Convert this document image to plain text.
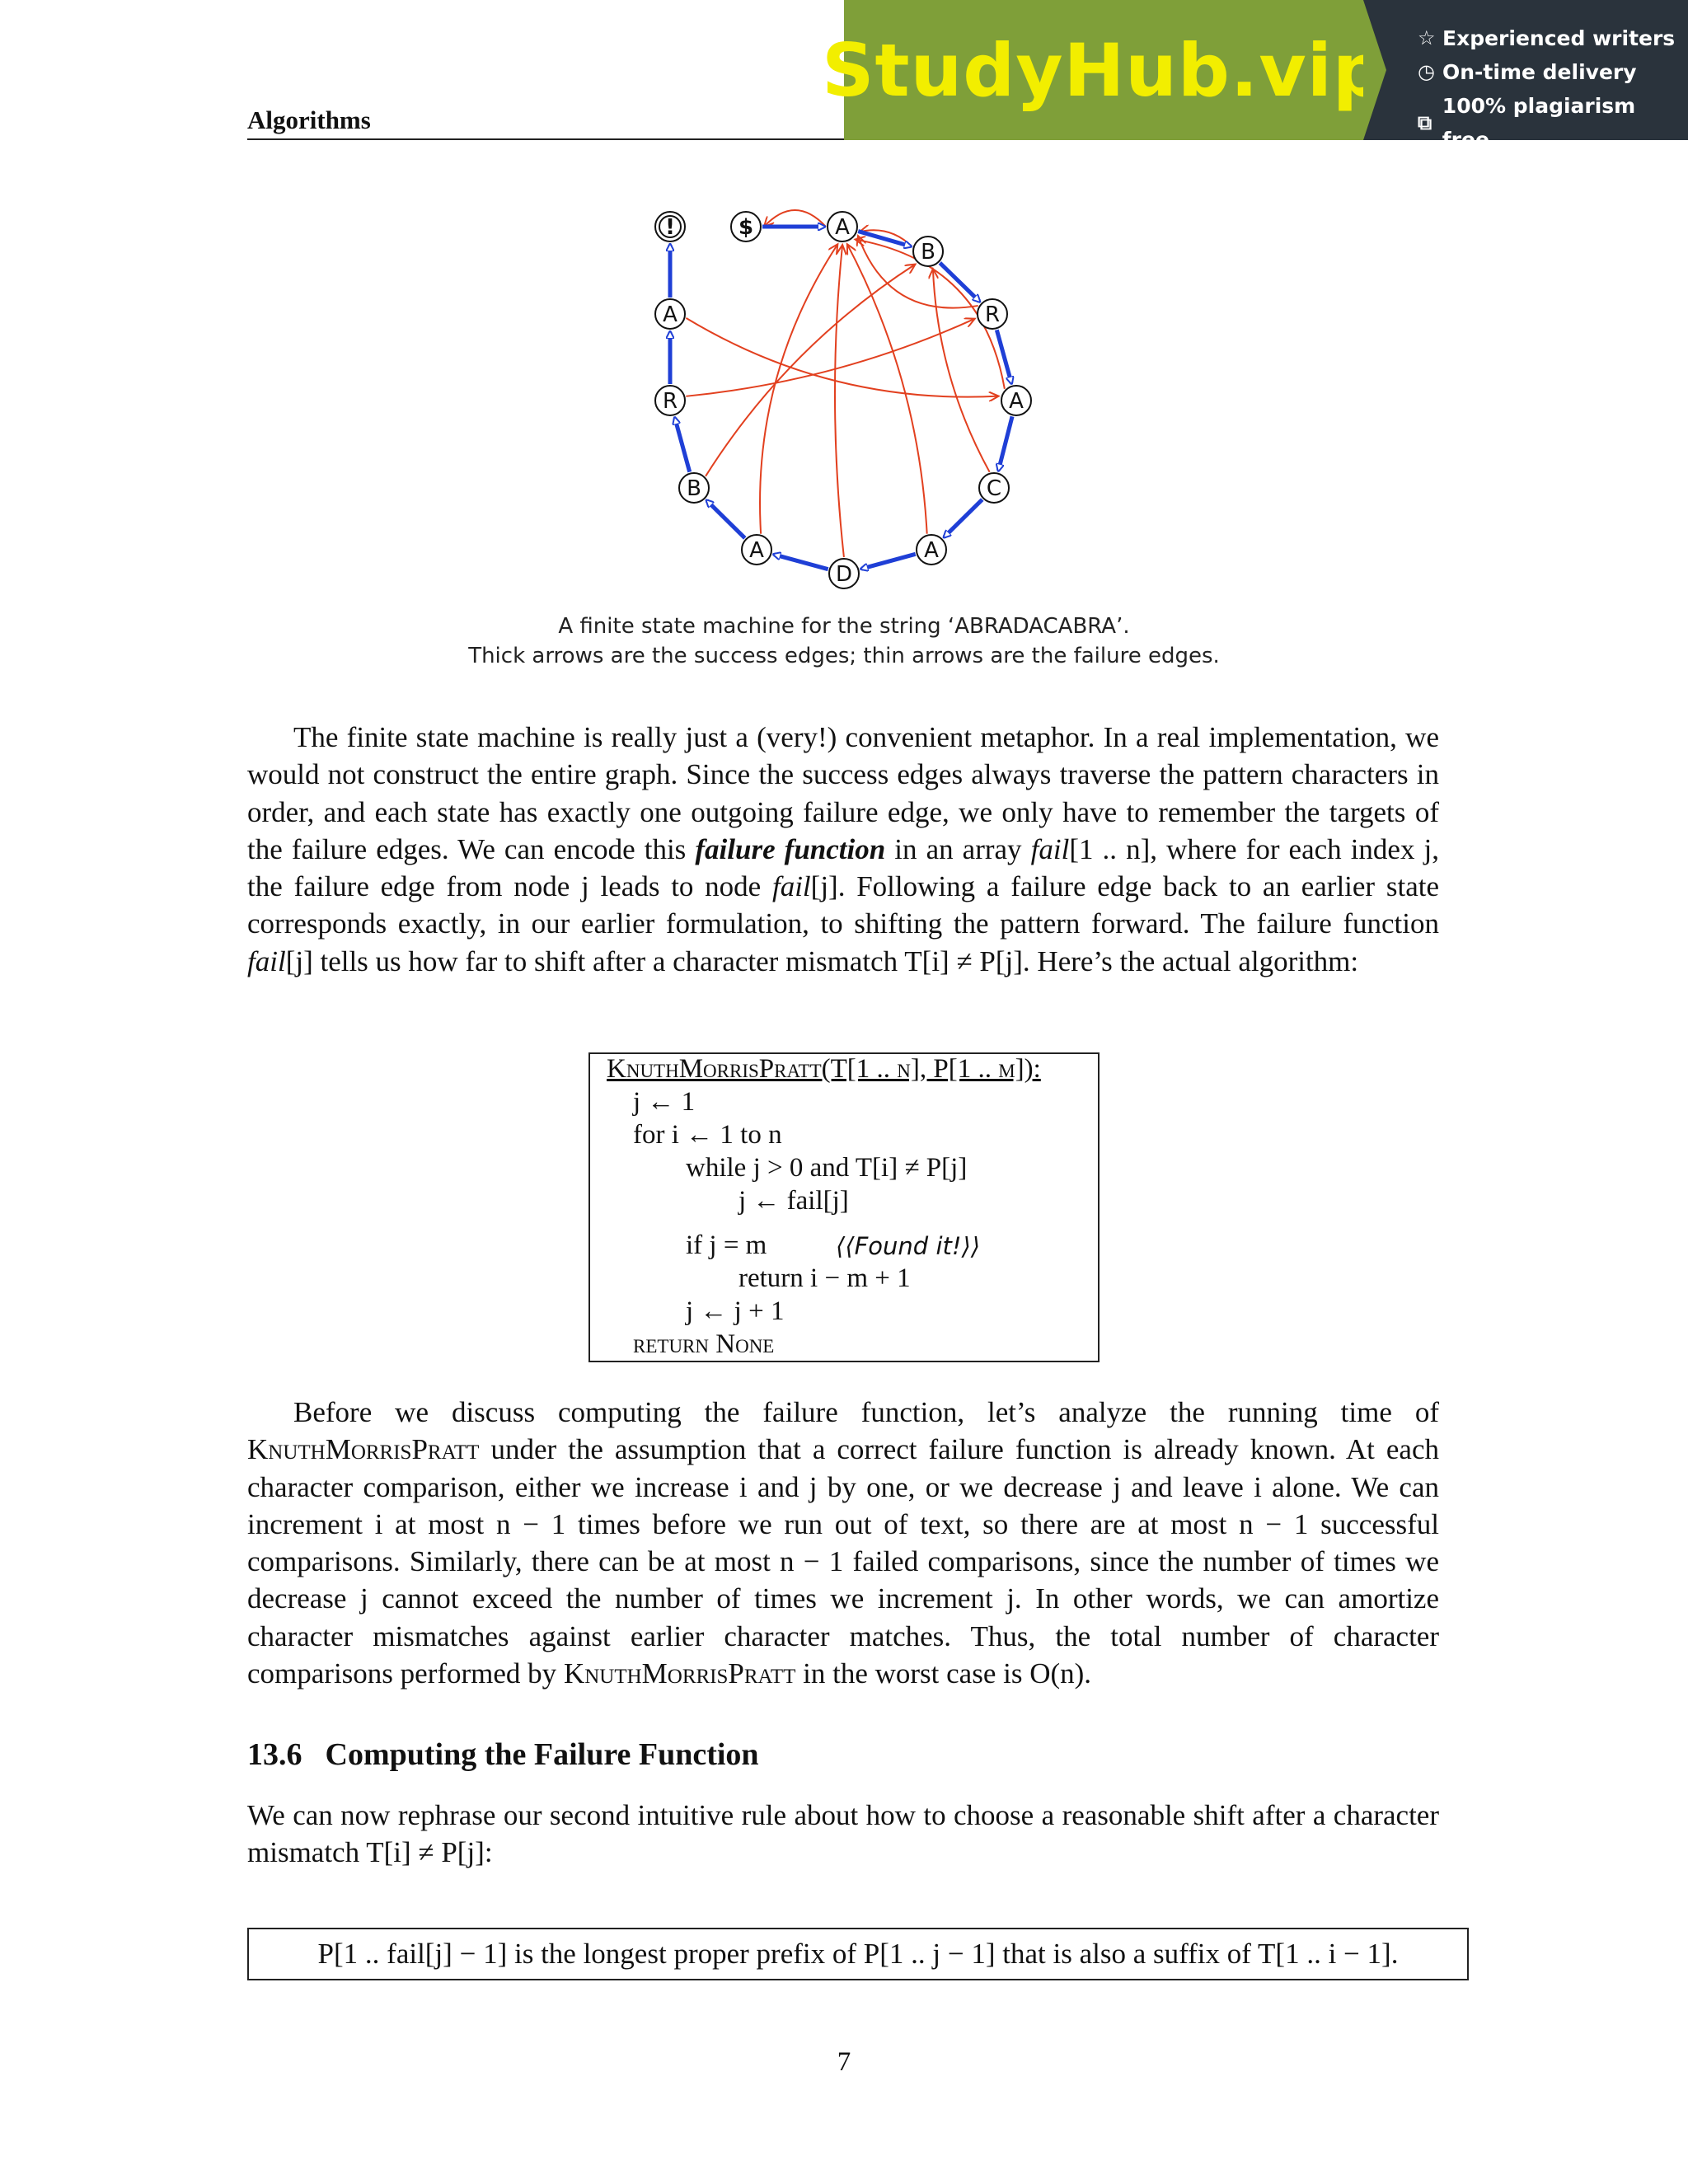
Algorithms
StudyHub.vip ☆ Experienced writers
◷ On-time delivery
⧉
100% plagiarism free
!	$	A
B
R
A
C
A
D
A
B
R
A
A finite state machine for the string ‘ABRADACABRA’.
Thick arrows are the success edges; thin arrows are the failure edges.
The finite state machine is really just a (very!) convenient metaphor. In a real implementation, we would not construct the entire graph. Since the success edges always traverse the pattern characters in order, and each state has exactly one outgoing failure edge, we only have to remember the targets of the failure edges. We can encode this failure function in an array fail[1 .. n], where for each index j, the failure edge from node j leads to node fail[j]. Following a failure edge back to an earlier state corresponds exactly, in our earlier formulation, to shifting the pattern forward. The failure function fail[j] tells us how far to shift after a character mismatch T[i] ≠ P[j]. Here’s the actual algorithm:
KnuthMorrisPratt(T[1 .. n], P[1 .. m]):
j ← 1
for i ← 1 to n
while j > 0 and T[i] ≠ P[j]
j ← fail[j]
if j = m	⟨⟨Found it!⟩⟩
return i − m + 1
j ← j + 1
return None
Before we discuss computing the failure function, let’s analyze the running time of KnuthMorrisPratt under the assumption that a correct failure function is already known. At each character comparison, either we increase i and j by one, or we decrease j and leave i alone. We can increment i at most n − 1 times before we run out of text, so there are at most n − 1 successful comparisons. Similarly, there can be at most n − 1 failed comparisons, since the number of times we decrease j cannot exceed the number of times we increment j. In other words, we can amortize character mismatches against earlier character matches. Thus, the total number of character comparisons performed by KnuthMorrisPratt in the worst case is O(n).
13.6 Computing the Failure Function
We can now rephrase our second intuitive rule about how to choose a reasonable shift after a character mismatch T[i] ≠ P[j]:
P[1 .. fail[j] − 1] is the longest proper prefix of P[1 .. j − 1] that is also a suffix of T[1 .. i − 1].
7
